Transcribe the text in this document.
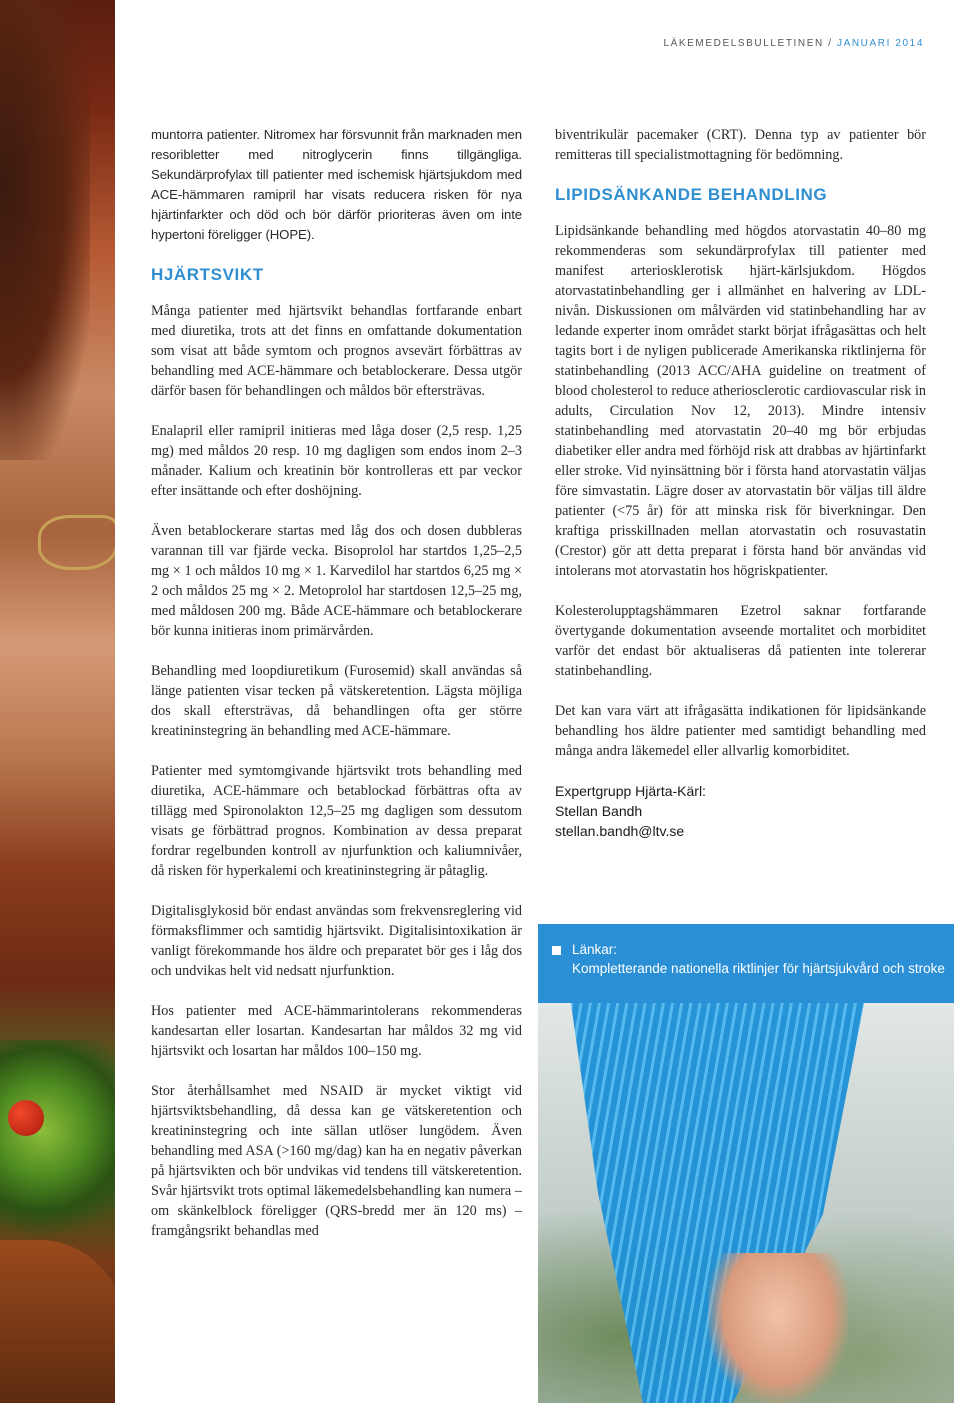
LÄKEMEDELSBULLETINEN / JANUARI 2014

muntorra patienter. Nitromex har försvunnit från marknaden men resoribletter med nitroglycerin finns tillgängliga. Sekundärprofylax till patienter med ischemisk hjärtsjukdom med ACE-hämmaren ramipril har visats reducera risken för nya hjärtinfarkter och död och bör därför prioriteras även om inte hypertoni föreligger (HOPE).

HJÄRTSVIKT

Många patienter med hjärtsvikt behandlas fortfarande enbart med diuretika, trots att det finns en omfattande dokumentation som visat att både symtom och prognos avsevärt förbättras av behandling med ACE-hämmare och betablockerare. Dessa utgör därför basen för behandlingen och måldos bör eftersträvas.

Enalapril eller ramipril initieras med låga doser (2,5 resp. 1,25 mg) med måldos 20 resp. 10 mg dagligen som endos inom 2–3 månader. Kalium och kreatinin bör kontrolleras ett par veckor efter insättande och efter doshöjning.

Även betablockerare startas med låg dos och dosen dubbleras varannan till var fjärde vecka. Bisoprolol har startdos 1,25–2,5 mg × 1 och måldos 10 mg × 1. Karvedilol har startdos 6,25 mg × 2 och måldos 25 mg × 2. Metoprolol har startdosen 12,5–25 mg, med måldosen 200 mg. Både ACE-hämmare och betablockerare bör kunna initieras inom primärvården.

Behandling med loopdiuretikum (Furosemid) skall användas så länge patienten visar tecken på vätskeretention. Lägsta möjliga dos skall eftersträvas, då behandlingen ofta ger större kreatininstegring än behandling med ACE-hämmare.

Patienter med symtomgivande hjärtsvikt trots behandling med diuretika, ACE-hämmare och betablockad förbättras ofta av tillägg med Spironolakton 12,5–25 mg dagligen som dessutom visats ge förbättrad prognos. Kombination av dessa preparat fordrar regelbunden kontroll av njurfunktion och kaliumnivåer, då risken för hyperkalemi och kreatininstegring är påtaglig.

Digitalisglykosid bör endast användas som frekvensreglering vid förmaksflimmer och samtidig hjärtsvikt. Digitalisintoxikation är vanligt förekommande hos äldre och preparatet bör ges i låg dos och undvikas helt vid nedsatt njurfunktion.

Hos patienter med ACE-hämmarintolerans rekommenderas kandesartan eller losartan. Kandesartan har måldos 32 mg vid hjärtsvikt och losartan har måldos 100–150 mg.

Stor återhållsamhet med NSAID är mycket viktigt vid hjärtsviktsbehandling, då dessa kan ge vätskeretention och kreatininstegring och inte sällan utlöser lungödem. Även behandling med ASA (>160 mg/dag) kan ha en negativ påverkan på hjärtsvikten och bör undvikas vid tendens till vätskeretention. Svår hjärtsvikt trots optimal läkemedelsbehandling kan numera – om skänkelblock föreligger (QRS-bredd mer än 120 ms) – framgångsrikt behandlas med

biventrikulär pacemaker (CRT). Denna typ av patienter bör remitteras till specialistmottagning för bedömning.

LIPIDSÄNKANDE BEHANDLING

Lipidsänkande behandling med högdos atorvastatin 40–80 mg rekommenderas som sekundärprofylax till patienter med manifest arteriosklerotisk hjärt-kärlsjukdom. Högdos atorvastatinbehandling ger i allmänhet en halvering av LDL-nivån. Diskussionen om målvärden vid statinbehandling har av ledande experter inom området starkt börjat ifrågasättas och helt tagits bort i de nyligen publicerade Amerikanska riktlinjerna för statinbehandling (2013 ACC/AHA guideline on treatment of blood cholesterol to reduce atheriosclerotic cardiovascular risk in adults, Circulation Nov 12, 2013). Mindre intensiv statinbehandling med atorvastatin 20–40 mg bör erbjudas diabetiker eller andra med förhöjd risk att drabbas av hjärtinfarkt eller stroke. Vid nyinsättning bör i första hand atorvastatin väljas före simvastatin. Lägre doser av atorvastatin bör väljas till äldre patienter (<75 år) för att minska risk för biverkningar. Den kraftiga prisskillnaden mellan atorvastatin och rosuvastatin (Crestor) gör att detta preparat i första hand bör användas vid intolerans mot atorvastatin hos högriskpatienter.

Kolesterolupptagshämmaren Ezetrol saknar fortfarande övertygande dokumentation avseende mortalitet och morbiditet varför det endast bör aktualiseras då patienten inte tolererar statinbehandling.

Det kan vara värt att ifrågasätta indikationen för lipidsänkande behandling hos äldre patienter med samtidigt behandling med många andra läkemedel eller allvarlig komorbiditet.

Expertgrupp Hjärta-Kärl:
Stellan Bandh
stellan.bandh@ltv.se
Länkar:
Kompletterande nationella riktlinjer för hjärtsjukvård och stroke
